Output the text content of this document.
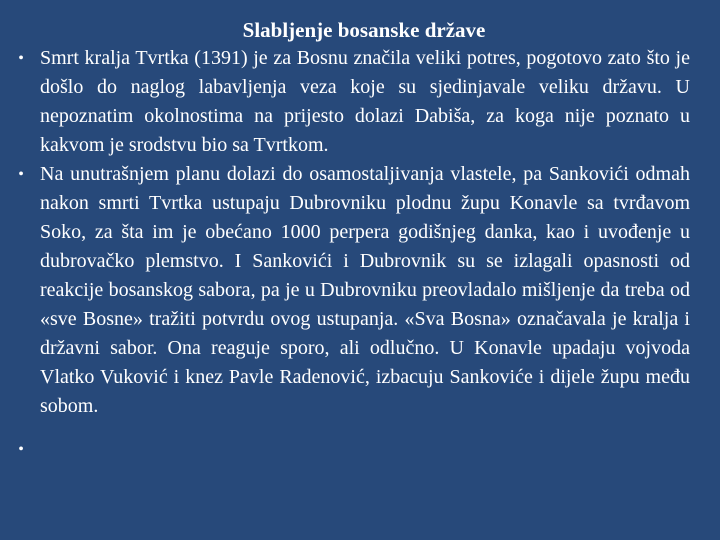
Slabljenje bosanske države
• Smrt kralja Tvrtka (1391) je za Bosnu značila veliki potres, pogotovo zato što je došlo do naglog labavljenja veza koje su sjedinjavale veliku državu. U nepoznatim okolnostima na prijesto dolazi Dabiša, za koga nije poznato u kakvom je srodstvu bio sa Tvrtkom.
• Na unutrašnjem planu dolazi do osamostaljivanja vlastele, pa Sankovići odmah nakon smrti Tvrtka ustupaju Dubrovniku plodnu župu Konavle sa tvrđavom Soko, za šta im je obećano 1000 perpera godišnjeg danka, kao i uvođenje u dubrovačko plemstvo. I Sankovići i Dubrovnik su se izlagali opasnosti od reakcije bosanskog sabora, pa je u Dubrovniku preovladalo mišljenje da treba od «sve Bosne» tražiti potvrdu ovog ustupanja. «Sva Bosna» označavala je kralja i državni sabor. Ona reaguje sporo, ali odlučno. U Konavle upadaju vojvoda Vlatko Vuković i knez Pavle Radenović, izbacuju Sankoviće i dijele župu među sobom.
•
